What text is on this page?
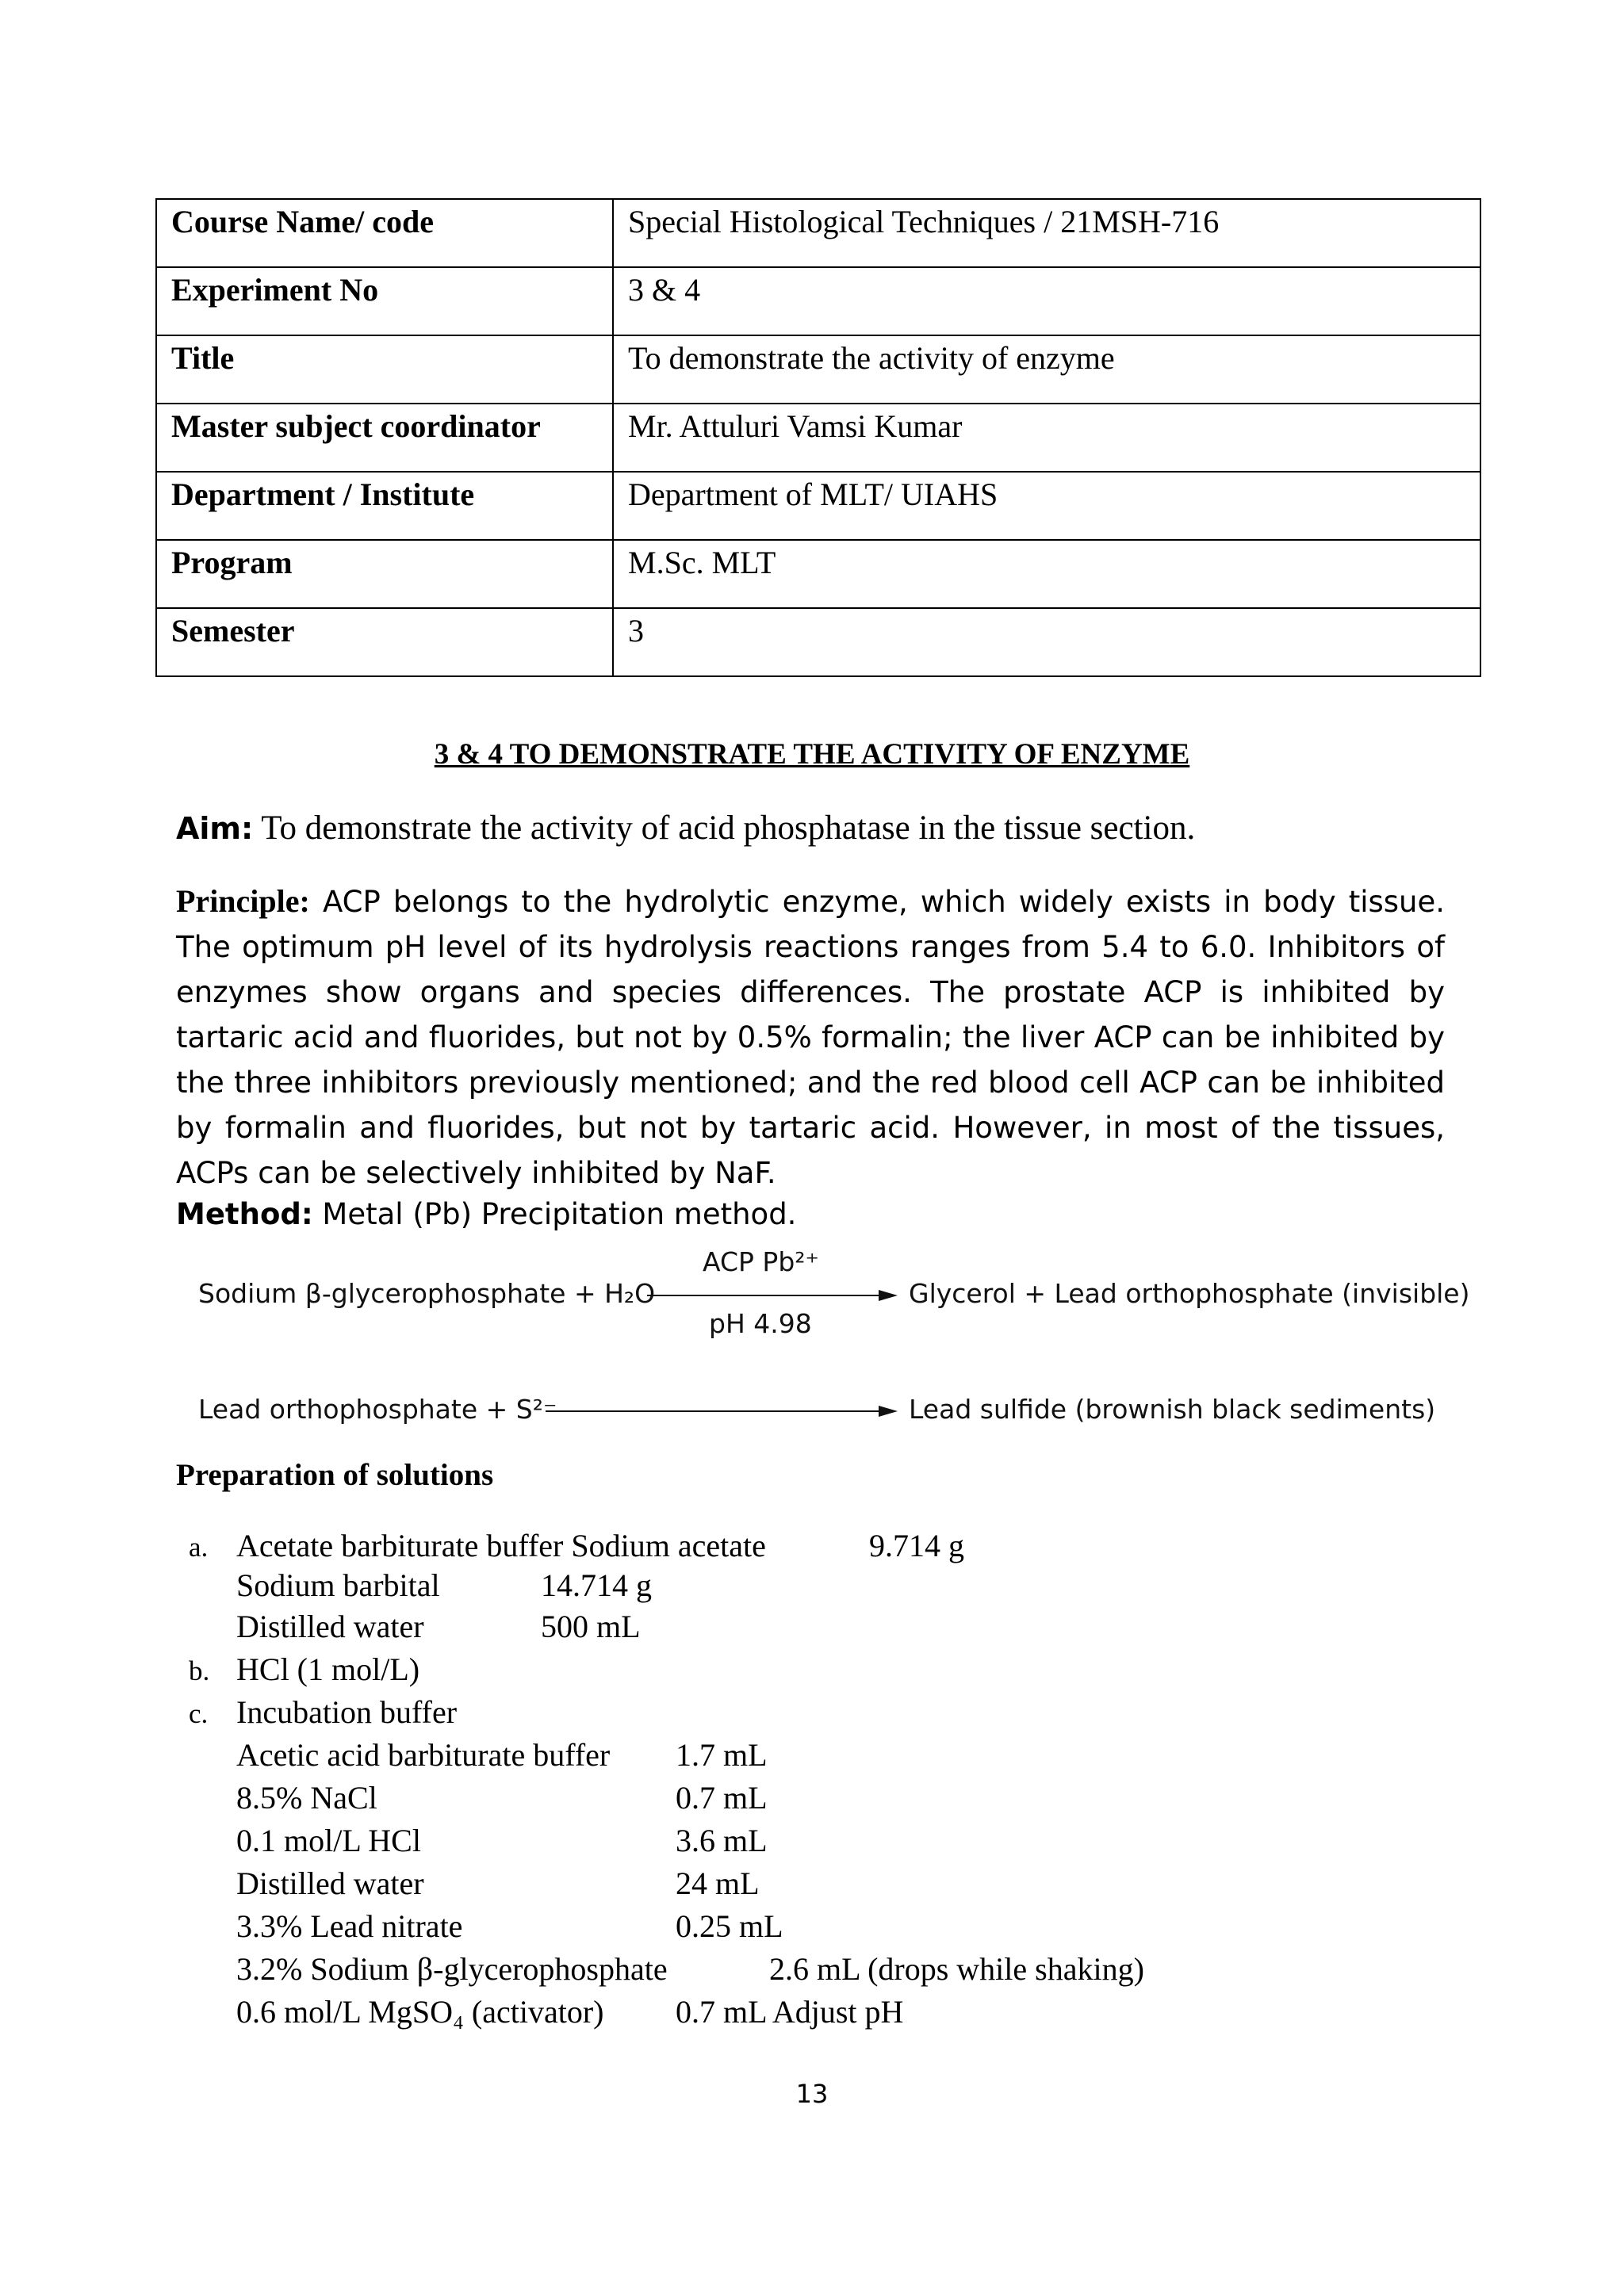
Course Name/ code	Special Histological Techniques / 21MSH-716
Experiment No	3 & 4
Title	To demonstrate the activity of enzyme
Master subject coordinator	Mr. Attuluri Vamsi Kumar
Department / Institute	Department of MLT/ UIAHS
Program	M.Sc. MLT
Semester	3
3 & 4 TO DEMONSTRATE THE ACTIVITY OF ENZYME
Aim: To demonstrate the activity of acid phosphatase in the tissue section.
Principle: ACP belongs to the hydrolytic enzyme, which widely exists in body tissue. The optimum pH level of its hydrolysis reactions ranges from 5.4 to 6.0. Inhibitors of enzymes show organs and species differences. The prostate ACP is inhibited by tartaric acid and fluorides, but not by 0.5% formalin; the liver ACP can be inhibited by the three inhibitors previously mentioned; and the red blood cell ACP can be inhibited by formalin and fluorides, but not by tartaric acid. However, in most of the tissues, ACPs can be selectively inhibited by NaF.
Method: Metal (Pb) Precipitation method.
Sodium β-glycerophosphate + H₂O
ACP Pb²⁺
pH 4.98
Glycerol + Lead orthophosphate (invisible)
Lead orthophosphate + S²⁻	Lead sulfide (brownish black sediments)
Preparation of solutions
a. Acetate barbiturate buffer Sodium acetate	9.714 g
Sodium barbital	14.714 g
Distilled water	500 mL
b. HCl (1 mol/L)
c. Incubation buffer
Acetic acid barbiturate buffer 1.7 mL
8.5% NaCl	0.7 mL
0.1 mol/L HCl	3.6 mL
Distilled water	24 mL
3.3% Lead nitrate	0.25 mL
3.2% Sodium β-glycerophosphate	2.6 mL (drops while shaking)
0.6 mol/L MgSO₄ (activator) 0.7 mL Adjust pH
13
